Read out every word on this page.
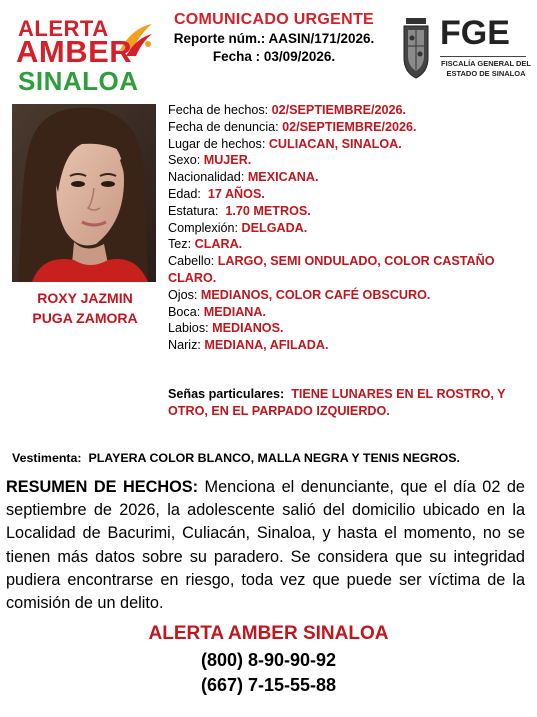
ALERTA
AMBER
SINALOA
COMUNICADO URGENTE
Reporte núm.: AASIN/171/2026.
Fecha : 03/09/2026.
FGE
FISCALÍA GENERAL DEL
ESTADO DE SINALOA
ROXY JAZMIN
PUGA ZAMORA
Fecha de hechos: 02/SEPTIEMBRE/2026.
Fecha de denuncia: 02/SEPTIEMBRE/2026.
Lugar de hechos: CULIACAN, SINALOA.
Sexo: MUJER.
Nacionalidad: MEXICANA.
Edad:  17 AÑOS.
Estatura:  1.70 METROS.
Complexión: DELGADA.
Tez: CLARA.
Cabello: LARGO, SEMI ONDULADO, COLOR CASTAÑO CLARO.
Ojos: MEDIANOS, COLOR CAFÉ OBSCURO.
Boca: MEDIANA.
Labios: MEDIANOS.
Nariz: MEDIANA, AFILADA.
Señas particulares:  TIENE LUNARES EN EL ROSTRO, Y OTRO, EN EL PARPADO IZQUIERDO.
Vestimenta:  PLAYERA COLOR BLANCO, MALLA NEGRA Y TENIS NEGROS.
RESUMEN DE HECHOS: Menciona el denunciante, que el día 02 de septiembre de 2026, la adolescente salió del domicilio ubicado en la Localidad de Bacurimi, Culiacán, Sinaloa, y hasta el momento, no se tienen más datos sobre su paradero. Se considera que su integridad pudiera encontrarse en riesgo, toda vez que puede ser víctima de la comisión de un delito.
ALERTA AMBER SINALOA
(800) 8-90-90-92
(667) 7-15-55-88
